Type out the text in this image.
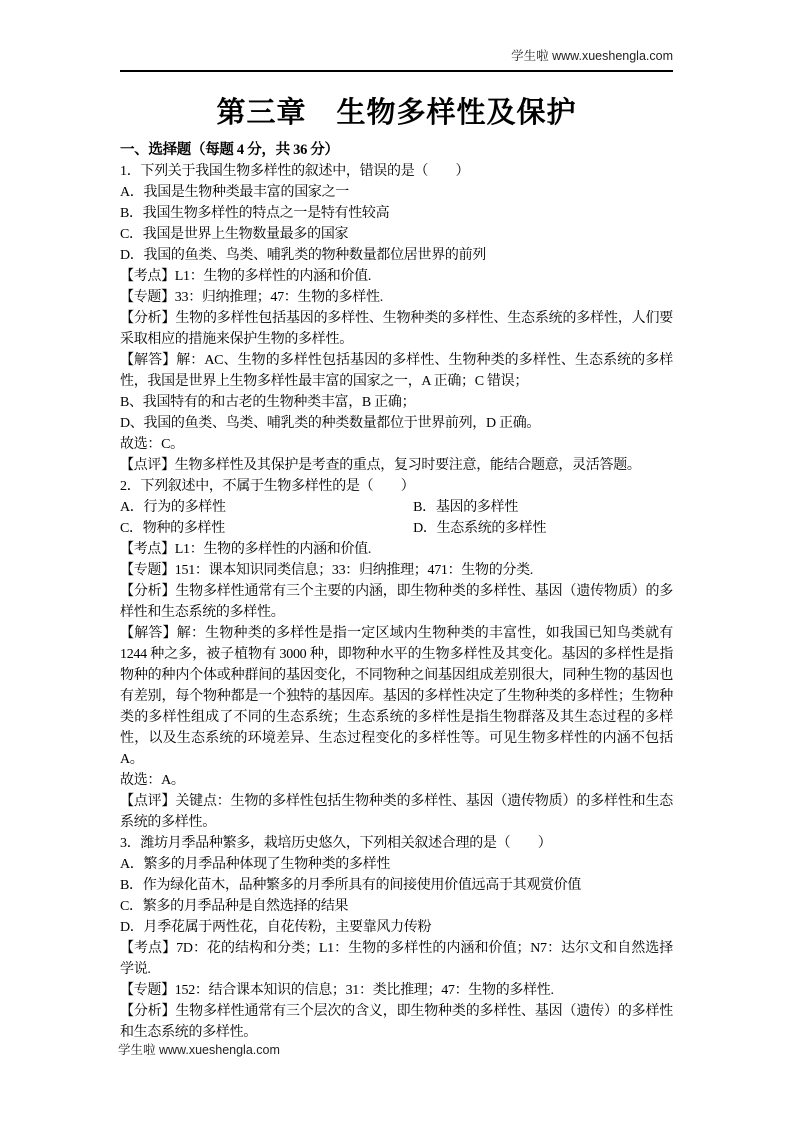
学生啦 www.xueshengla.com
第三章　生物多样性及保护
一、选择题（每题 4 分，共 36 分）

1．下列关于我国生物多样性的叙述中，错误的是（　　）

A．我国是生物种类最丰富的国家之一

B．我国生物多样性的特点之一是特有性较高

C．我国是世界上生物数量最多的国家

D．我国的鱼类、鸟类、哺乳类的物种数量都位居世界的前列

【考点】L1：生物的多样性的内涵和价值.

【专题】33：归纳推理；47：生物的多样性.

【分析】生物的多样性包括基因的多样性、生物种类的多样性、生态系统的多样性，人们要采取相应的措施来保护生物的多样性。

【解答】解：AC、生物的多样性包括基因的多样性、生物种类的多样性、生态系统的多样性，我国是世界上生物多样性最丰富的国家之一，A 正确；C 错误；

B、我国特有的和古老的生物种类丰富，B 正确；

D、我国的鱼类、鸟类、哺乳类的种类数量都位于世界前列，D 正确。

故选：C。

【点评】生物多样性及其保护是考查的重点，复习时要注意，能结合题意，灵活答题。

2．下列叙述中，不属于生物多样性的是（　　）

A．行为的多样性	B．基因的多样性
C．物种的多样性	D．生态系统的多样性

【考点】L1：生物的多样性的内涵和价值.

【专题】151：课本知识同类信息；33：归纳推理；471：生物的分类.

【分析】生物多样性通常有三个主要的内涵，即生物种类的多样性、基因（遗传物质）的多样性和生态系统的多样性。

【解答】解：生物种类的多样性是指一定区域内生物种类的丰富性，如我国已知鸟类就有 1244 种之多，被子植物有 3000 种，即物种水平的生物多样性及其变化。基因的多样性是指物种的种内个体或种群间的基因变化，不同物种之间基因组成差别很大，同种生物的基因也有差别，每个物种都是一个独特的基因库。基因的多样性决定了生物种类的多样性；生物种类的多样性组成了不同的生态系统；生态系统的多样性是指生物群落及其生态过程的多样性，以及生态系统的环境差异、生态过程变化的多样性等。可见生物多样性的内涵不包括 A。

故选：A。

【点评】关键点：生物的多样性包括生物种类的多样性、基因（遗传物质）的多样性和生态系统的多样性。

3．潍坊月季品种繁多，栽培历史悠久，下列相关叙述合理的是（　　）

A．繁多的月季品种体现了生物种类的多样性

B．作为绿化苗木，品种繁多的月季所具有的间接使用价值远高于其观赏价值

C．繁多的月季品种是自然选择的结果

D．月季花属于两性花，自花传粉，主要靠风力传粉

【考点】7D：花的结构和分类；L1：生物的多样性的内涵和价值；N7：达尔文和自然选择学说.

【专题】152：结合课本知识的信息；31：类比推理；47：生物的多样性.

【分析】生物多样性通常有三个层次的含义，即生物种类的多样性、基因（遗传）的多样性和生态系统的多样性。

学生啦 www.xueshengla.com
